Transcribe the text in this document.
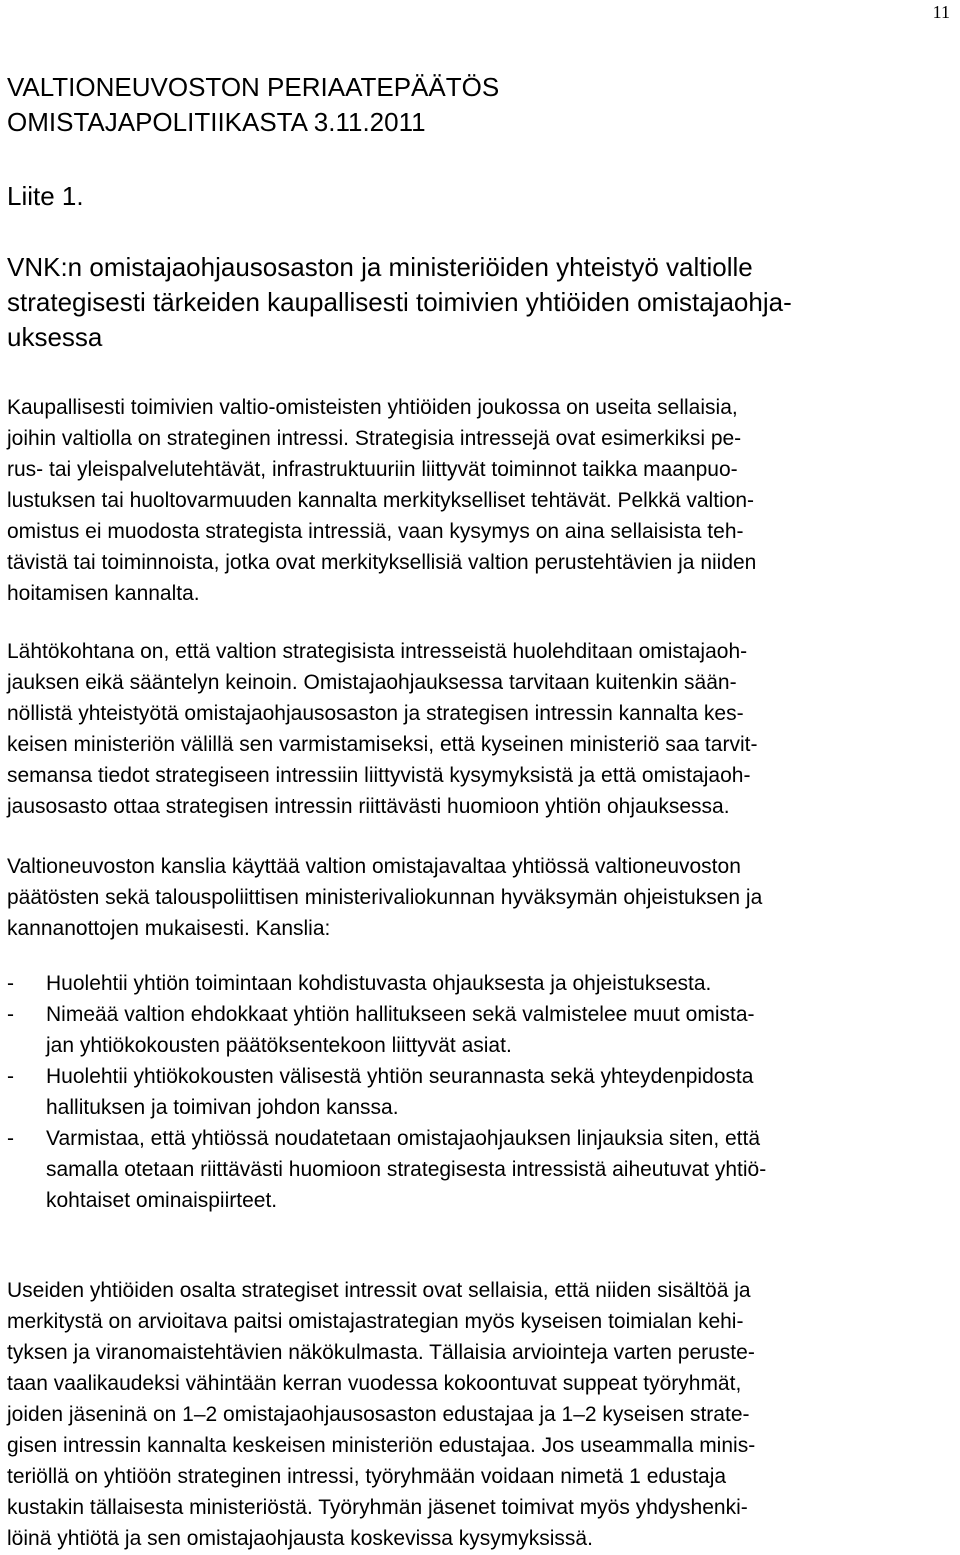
11
VALTIONEUVOSTON PERIAATEPÄÄTÖS
OMISTAJAPOLITIIKASTA 3.11.2011

Liite 1.

VNK:n omistajaohjausosaston ja ministeriöiden yhteistyö valtiolle
strategisesti tärkeiden kaupallisesti toimivien yhtiöiden omistajaohja-
uksessa

Kaupallisesti toimivien valtio-omisteisten yhtiöiden joukossa on useita sellaisia,
joihin valtiolla on strateginen intressi. Strategisia intressejä ovat esimerkiksi pe-
rus- tai yleispalvelutehtävät, infrastruktuuriin liittyvät toiminnot taikka maanpuo-
lustuksen tai huoltovarmuuden kannalta merkitykselliset tehtävät. Pelkkä valtion-
omistus ei muodosta strategista intressiä, vaan kysymys on aina sellaisista teh-
tävistä tai toiminnoista, jotka ovat merkityksellisiä valtion perustehtävien ja niiden
hoitamisen kannalta.

Lähtökohtana on, että valtion strategisista intresseistä huolehditaan omistajaoh-
jauksen eikä sääntelyn keinoin. Omistajaohjauksessa tarvitaan kuitenkin sään-
nöllistä yhteistyötä omistajaohjausosaston ja strategisen intressin kannalta kes-
keisen ministeriön välillä sen varmistamiseksi, että kyseinen ministeriö saa tarvit-
semansa tiedot strategiseen intressiin liittyvistä kysymyksistä ja että omistajaoh-
jausosasto ottaa strategisen intressin riittävästi huomioon yhtiön ohjauksessa.

Valtioneuvoston kanslia käyttää valtion omistajavaltaa yhtiössä valtioneuvoston
päätösten sekä talouspoliittisen ministerivaliokunnan hyväksymän ohjeistuksen ja
kannanottojen mukaisesti. Kanslia:

- Huolehtii yhtiön toimintaan kohdistuvasta ohjauksesta ja ohjeistuksesta.
- Nimeää valtion ehdokkaat yhtiön hallitukseen sekä valmistelee muut omista-
jan yhtiökokousten päätöksentekoon liittyvät asiat.
- Huolehtii yhtiökokousten välisestä yhtiön seurannasta sekä yhteydenpidosta
hallituksen ja toimivan johdon kanssa.
- Varmistaa, että yhtiössä noudatetaan omistajaohjauksen linjauksia siten, että
samalla otetaan riittävästi huomioon strategisesta intressistä aiheutuvat yhtiö-
kohtaiset ominaispiirteet.

Useiden yhtiöiden osalta strategiset intressit ovat sellaisia, että niiden sisältöä ja
merkitystä on arvioitava paitsi omistajastrategian myös kyseisen toimialan kehi-
tyksen ja viranomaistehtävien näkökulmasta. Tällaisia arviointeja varten peruste-
taan vaalikaudeksi vähintään kerran vuodessa kokoontuvat suppeat työryhmät,
joiden jäseninä on 1–2 omistajaohjausosaston edustajaa ja 1–2 kyseisen strate-
gisen intressin kannalta keskeisen ministeriön edustajaa. Jos useammalla minis-
teriöllä on yhtiöön strateginen intressi, työryhmään voidaan nimetä 1 edustaja
kustakin tällaisesta ministeriöstä. Työryhmän jäsenet toimivat myös yhdyshenki-
löinä yhtiötä ja sen omistajaohjausta koskevissa kysymyksissä.
